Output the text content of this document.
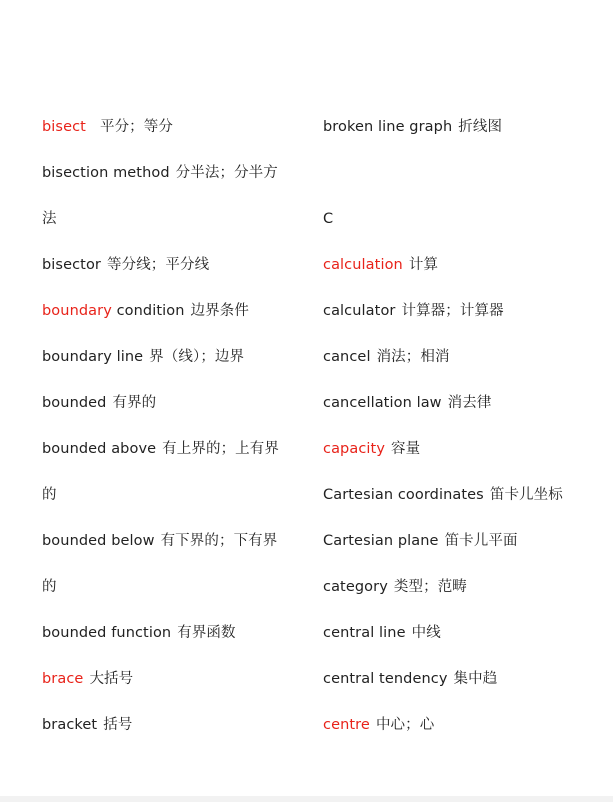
bisect 平分；等分
bisection method 分半法；分半方
法
bisector 等分线；平分线
boundary condition 边界条件
boundary line 界（线）；边界
bounded 有界的
bounded above 有上界的；上有界
的
bounded below 有下界的；下有界
的
bounded function 有界函数
brace 大括号
bracket 括号
broken line graph 折线图
C
calculation 计算
calculator 计算器；计算器
cancel 消法；相消
cancellation law 消去律
capacity 容量
Cartesian coordinates 笛卡儿坐标
Cartesian plane 笛卡儿平面
category 类型；范畴
central line 中线
central tendency 集中趋
centre 中心；心
